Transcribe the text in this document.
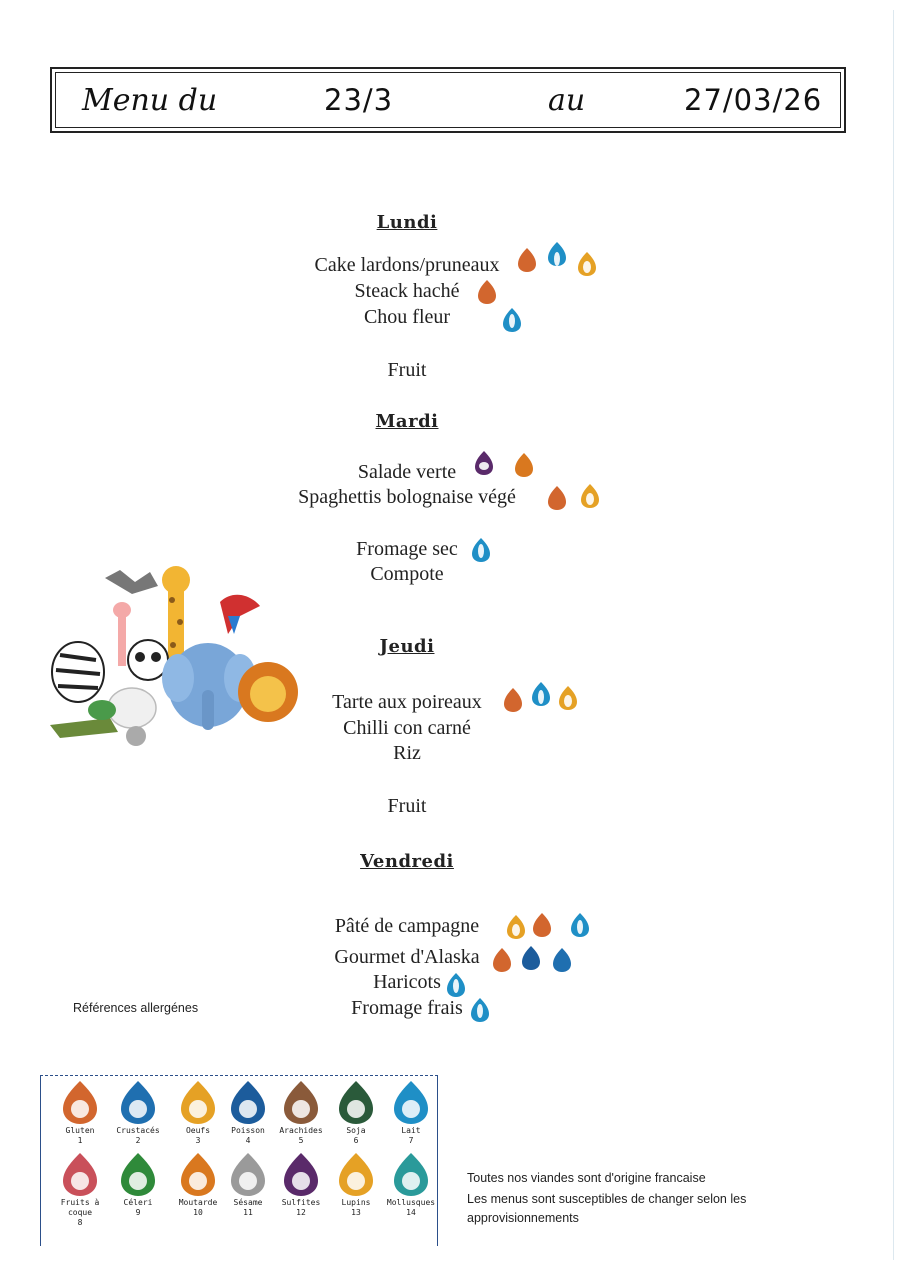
Menu du	23/3	au	27/03/26
Lundi
Cake lardons/pruneaux
Steack haché
Chou fleur
Fruit
Mardi
Salade verte
Spaghettis bolognaise végé
Fromage sec
Compote
Jeudi
Tarte aux poireaux
Chilli con carné
Riz
Fruit
Vendredi
Pâté de campagne
Gourmet d'Alaska
Haricots
Fromage frais
Références allergénes
Gluten
1
Crustacés
2
Oeufs
3
Poisson
4
Arachides
5
Soja
6
Lait
7
Fruits à coque
8
Céleri
9
Moutarde
10
Sésame
11
Sulfites
12
Lupins
13
Mollusques
14
Toutes nos viandes sont d'origine francaise
Les menus sont susceptibles de changer selon les approvisionnements
